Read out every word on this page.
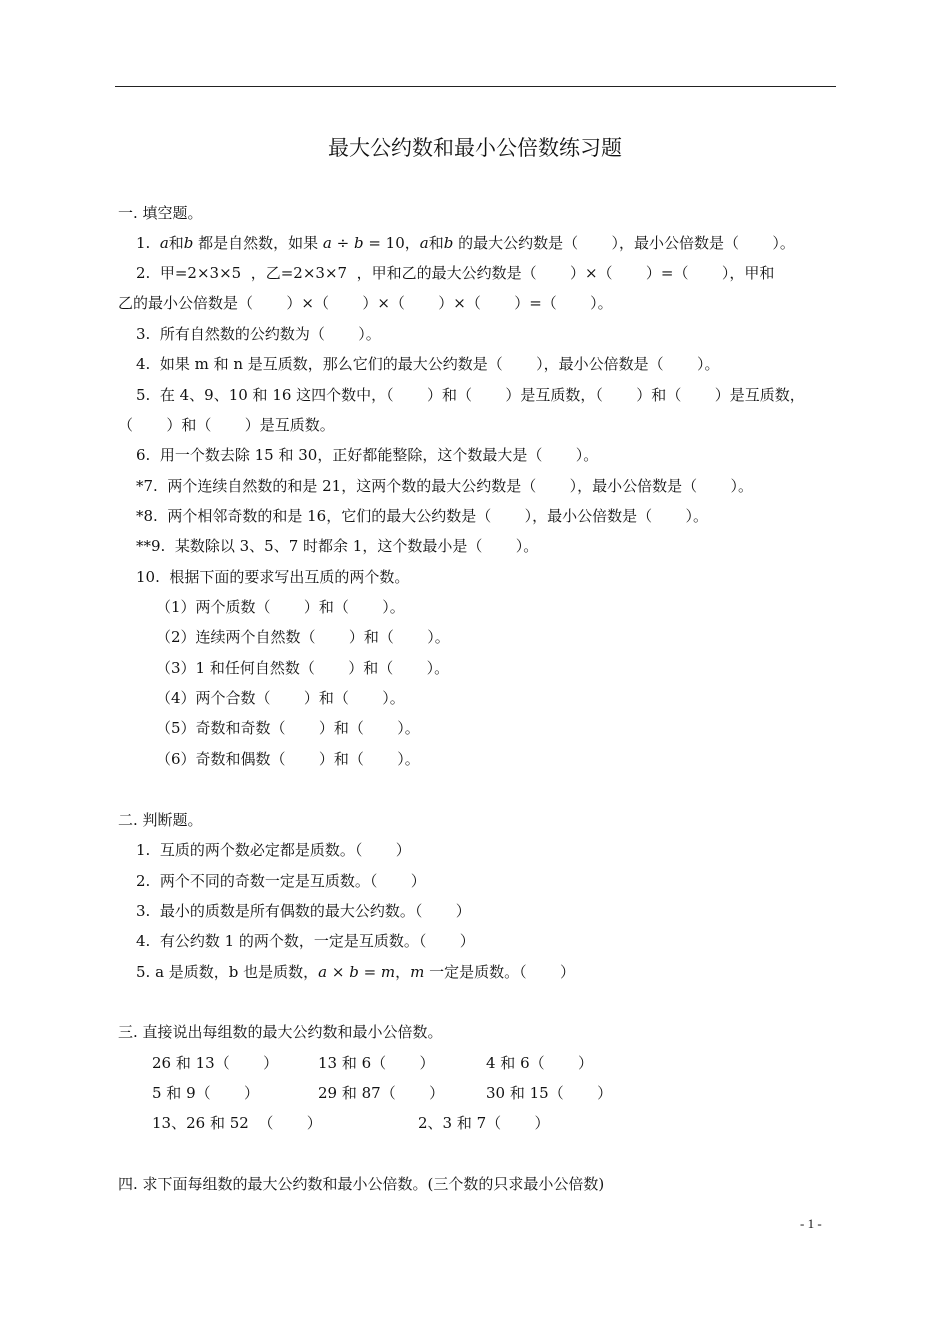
最大公约数和最小公倍数练习题
一. 填空题。
1.  𝑎和𝑏 都是自然数，如果 𝑎 ÷ 𝑏 = 10，𝑎和𝑏 的最大公约数是（       ），最小公倍数是（       ）。
2.  甲=2×3×5  ，乙=2×3×7  ，甲和乙的最大公约数是（       ）×（       ）=（       ），甲和
乙的最小公倍数是（       ）×（       ）×（       ）×（       ）=（       ）。
3.  所有自然数的公约数为（       ）。
4.  如果 m 和 n 是互质数，那么它们的最大公约数是（       ），最小公倍数是（       ）。
5.  在 4、9、10 和 16 这四个数中，（       ）和（       ）是互质数，（       ）和（       ）是互质数，
（       ）和（       ）是互质数。
6.  用一个数去除 15 和 30，正好都能整除，这个数最大是（       ）。
*7.  两个连续自然数的和是 21，这两个数的最大公约数是（       ），最小公倍数是（       ）。
*8.  两个相邻奇数的和是 16，它们的最大公约数是（       ），最小公倍数是（       ）。
**9.  某数除以 3、5、7 时都余 1，这个数最小是（       ）。
10.  根据下面的要求写出互质的两个数。
（1）两个质数（       ）和（       ）。
（2）连续两个自然数（       ）和（       ）。
（3）1 和任何自然数（       ）和（       ）。
（4）两个合数（       ）和（       ）。
（5）奇数和奇数（       ）和（       ）。
（6）奇数和偶数（       ）和（       ）。
二. 判断题。
1.  互质的两个数必定都是质数。（       ）
2.  两个不同的奇数一定是互质数。（       ）
3.  最小的质数是所有偶数的最大公约数。（       ）
4.  有公约数 1 的两个数，一定是互质数。（       ）
5. a 是质数，b 也是质数，𝑎 × 𝑏 = 𝑚，𝑚 一定是质数。（       ）
三. 直接说出每组数的最大公约数和最小公倍数。
26 和 13（       ）	13 和 6（       ）	4 和 6（       ）
5 和 9（       ）	29 和 87（       ）	30 和 15（       ）
13、26 和 52  （       ）	2、3 和 7（       ）
四. 求下面每组数的最大公约数和最小公倍数。(三个数的只求最小公倍数)
- 1 -
